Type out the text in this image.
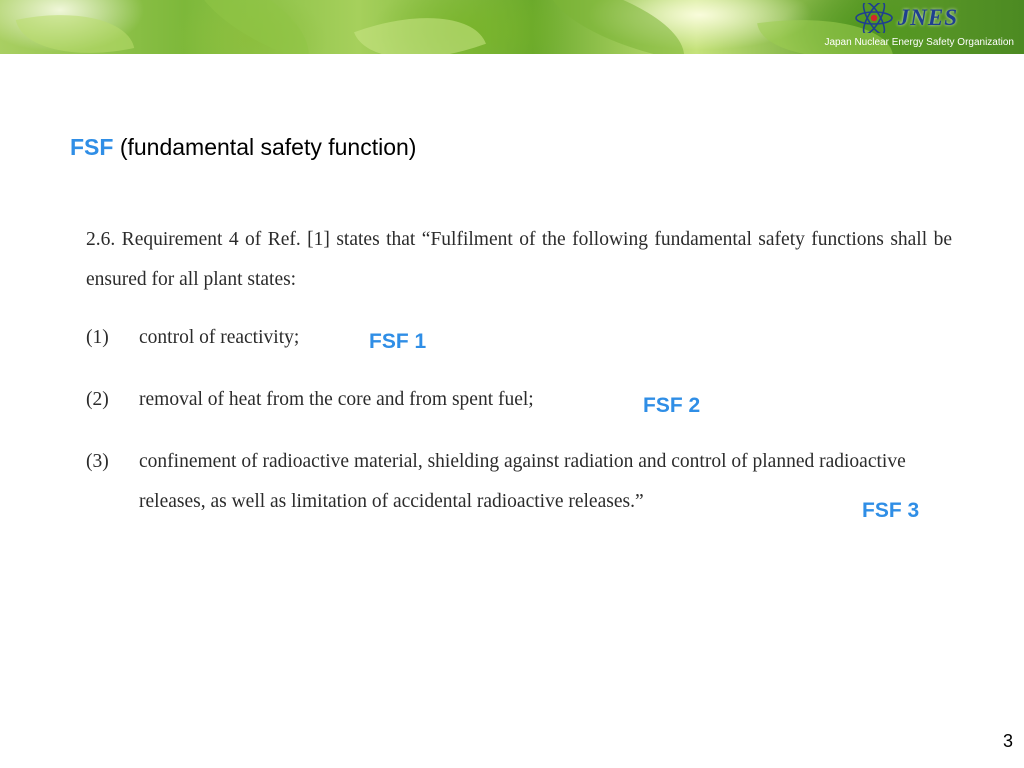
JNES
Japan Nuclear Energy Safety Organization
FSF (fundamental safety function)
2.6. Requirement 4 of Ref. [1] states that “Fulfilment of the following fundamental safety functions shall be ensured for all plant states:
(1)	control of reactivity;
(2)	removal of heat from the core and from spent fuel;
(3)	confinement of radioactive material, shielding against radiation and control of planned radioactive releases, as well as limitation of accidental radioactive releases.”
FSF 1
FSF 2
FSF 3
3
